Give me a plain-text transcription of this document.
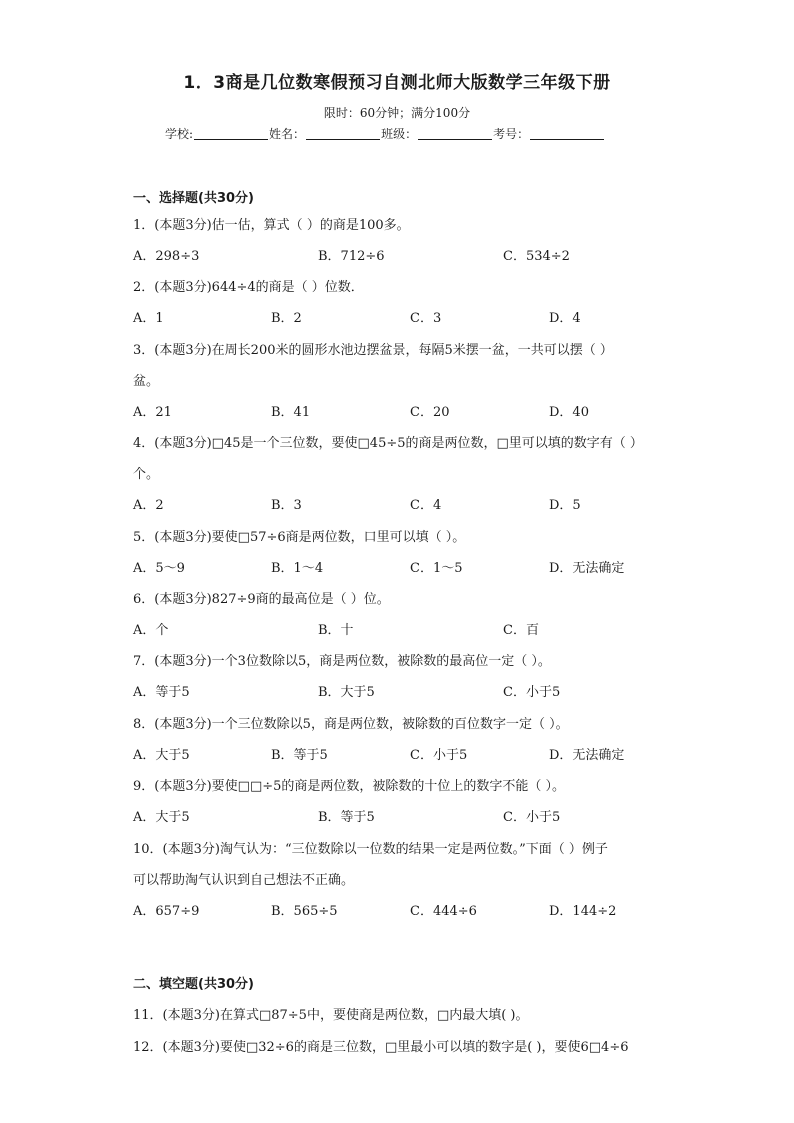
1．3商是几位数寒假预习自测北师大版数学三年级下册
限时：60分钟；满分100分
学校:	姓名：	班级：	考号：
一、选择题(共30分)
1．(本题3分)估一估，算式（ ）的商是100多。
A．298÷3	B．712÷6	C．534÷2
2．(本题3分)644÷4的商是（ ）位数．
A．1	B．2	C．3	D．4
3．(本题3分)在周长200米的圆形水池边摆盆景，每隔5米摆一盆，一共可以摆（ ）
盆。
A．21	B．41	C．20	D．40
4．(本题3分)□45是一个三位数，要使□45÷5的商是两位数，□里可以填的数字有（ ）
个。
A．2	B．3	C．4	D．5
5．(本题3分)要使□57÷6商是两位数，口里可以填（ ）。
A．5～9	B．1～4	C．1～5	D．无法确定
6．(本题3分)827÷9商的最高位是（ ）位。
A．个	B．十	C．百
7．(本题3分)一个3位数除以5，商是两位数，被除数的最高位一定（ ）。
A．等于5	B．大于5	C．小于5
8．(本题3分)一个三位数除以5，商是两位数，被除数的百位数字一定（ ）。
A．大于5	B．等于5	C．小于5	D．无法确定
9．(本题3分)要使□□÷5的商是两位数，被除数的十位上的数字不能（ ）。
A．大于5	B．等于5	C．小于5
10．(本题3分)淘气认为：“三位数除以一位数的结果一定是两位数。”下面（ ）例子
可以帮助淘气认识到自己想法不正确。
A．657÷9	B．565÷5	C．444÷6	D．144÷2
二、填空题(共30分)
11．(本题3分)在算式□87÷5中，要使商是两位数，□内最大填( )。
12．(本题3分)要使□32÷6的商是三位数，□里最小可以填的数字是( )，要使6□4÷6
